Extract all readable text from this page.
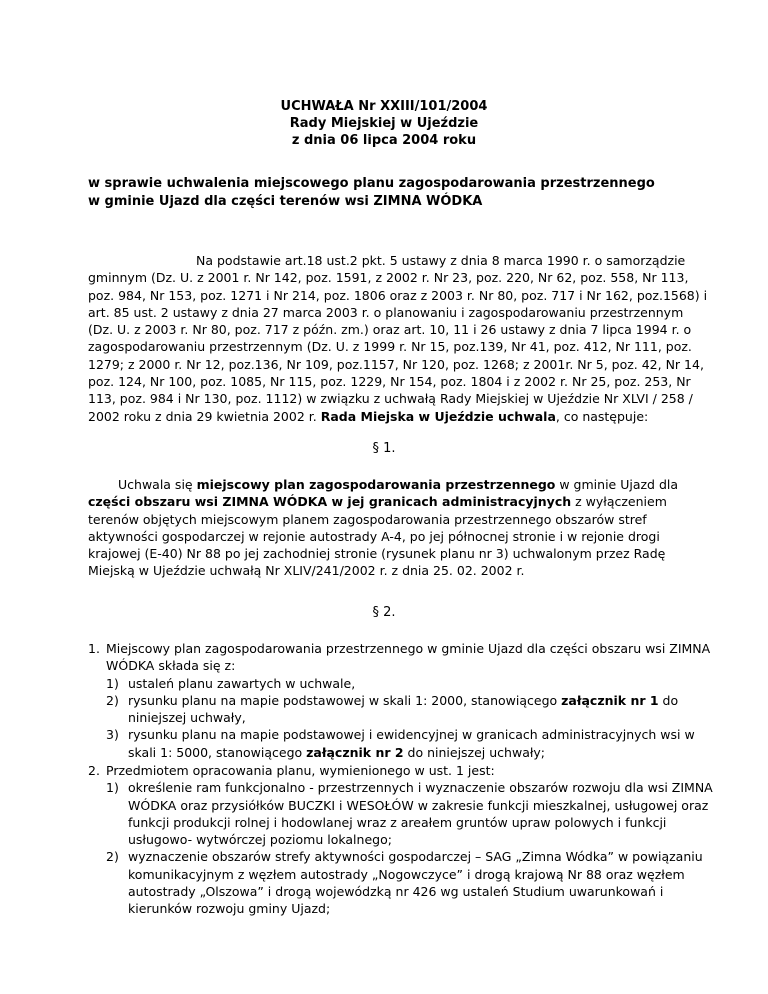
UCHWAŁA Nr XXIII/101/2004
Rady Miejskiej w Ujeździe
z dnia 06 lipca 2004 roku
w sprawie uchwalenia miejscowego planu zagospodarowania przestrzennego
w gminie Ujazd dla części terenów wsi ZIMNA WÓDKA

Na podstawie art.18 ust.2 pkt. 5 ustawy z dnia 8 marca 1990 r. o samorządzie gminnym (Dz. U. z 2001 r. Nr 142, poz. 1591, z 2002 r. Nr 23, poz. 220, Nr 62, poz. 558, Nr 113, poz. 984, Nr 153, poz. 1271 i Nr 214, poz. 1806 oraz z 2003 r. Nr 80, poz. 717 i Nr 162, poz.1568) i art. 85 ust. 2 ustawy z dnia 27 marca 2003 r. o planowaniu i zagospodarowaniu przestrzennym (Dz. U. z 2003 r. Nr 80, poz. 717 z późn. zm.) oraz art. 10, 11 i 26 ustawy z dnia 7 lipca 1994 r. o zagospodarowaniu przestrzennym (Dz. U. z 1999 r. Nr 15, poz.139, Nr 41, poz. 412, Nr 111, poz. 1279; z 2000 r. Nr 12, poz.136, Nr 109, poz.1157, Nr 120, poz. 1268; z 2001r. Nr 5, poz. 42, Nr 14, poz. 124, Nr 100, poz. 1085, Nr 115, poz. 1229, Nr 154, poz. 1804 i z 2002 r. Nr 25, poz. 253, Nr 113, poz. 984 i Nr 130, poz. 1112) w związku z uchwałą Rady Miejskiej w Ujeździe Nr XLVI / 258 / 2002 roku z dnia 29 kwietnia 2002 r. Rada Miejska w Ujeździe uchwala, co następuje:

§ 1.

Uchwala się miejscowy plan zagospodarowania przestrzennego w gminie Ujazd dla części obszaru wsi ZIMNA WÓDKA w jej granicach administracyjnych z wyłączeniem terenów objętych miejscowym planem zagospodarowania przestrzennego obszarów stref aktywności gospodarczej w rejonie autostrady A-4, po jej północnej stronie i w rejonie drogi krajowej (E-40) Nr 88 po jej zachodniej stronie (rysunek planu nr 3) uchwalonym przez Radę Miejską w Ujeździe uchwałą Nr XLIV/241/2002 r. z dnia 25. 02. 2002 r.

§ 2.
1. Miejscowy plan zagospodarowania przestrzennego w gminie Ujazd dla części obszaru wsi ZIMNA WÓDKA składa się z:
1) ustaleń planu zawartych w uchwale,
2) rysunku planu na mapie podstawowej w skali 1: 2000, stanowiącego załącznik nr 1 do niniejszej uchwały,
3) rysunku planu na mapie podstawowej i ewidencyjnej w granicach administracyjnych wsi w skali 1: 5000, stanowiącego załącznik nr 2 do niniejszej uchwały;
2. Przedmiotem opracowania planu, wymienionego w ust. 1 jest:
1) określenie ram funkcjonalno - przestrzennych i wyznaczenie obszarów rozwoju dla wsi ZIMNA WÓDKA oraz przysiółków BUCZKI i WESOŁÓW w zakresie funkcji mieszkalnej, usługowej oraz funkcji produkcji rolnej i hodowlanej wraz z areałem gruntów upraw polowych i funkcji usługowo- wytwórczej poziomu lokalnego;
2) wyznaczenie obszarów strefy aktywności gospodarczej – SAG „Zimna Wódka” w powiązaniu komunikacyjnym z węzłem autostrady „Nogowczyce” i drogą krajową Nr 88 oraz węzłem autostrady „Olszowa” i drogą wojewódzką nr 426 wg ustaleń Studium uwarunkowań i kierunków rozwoju gminy Ujazd;
